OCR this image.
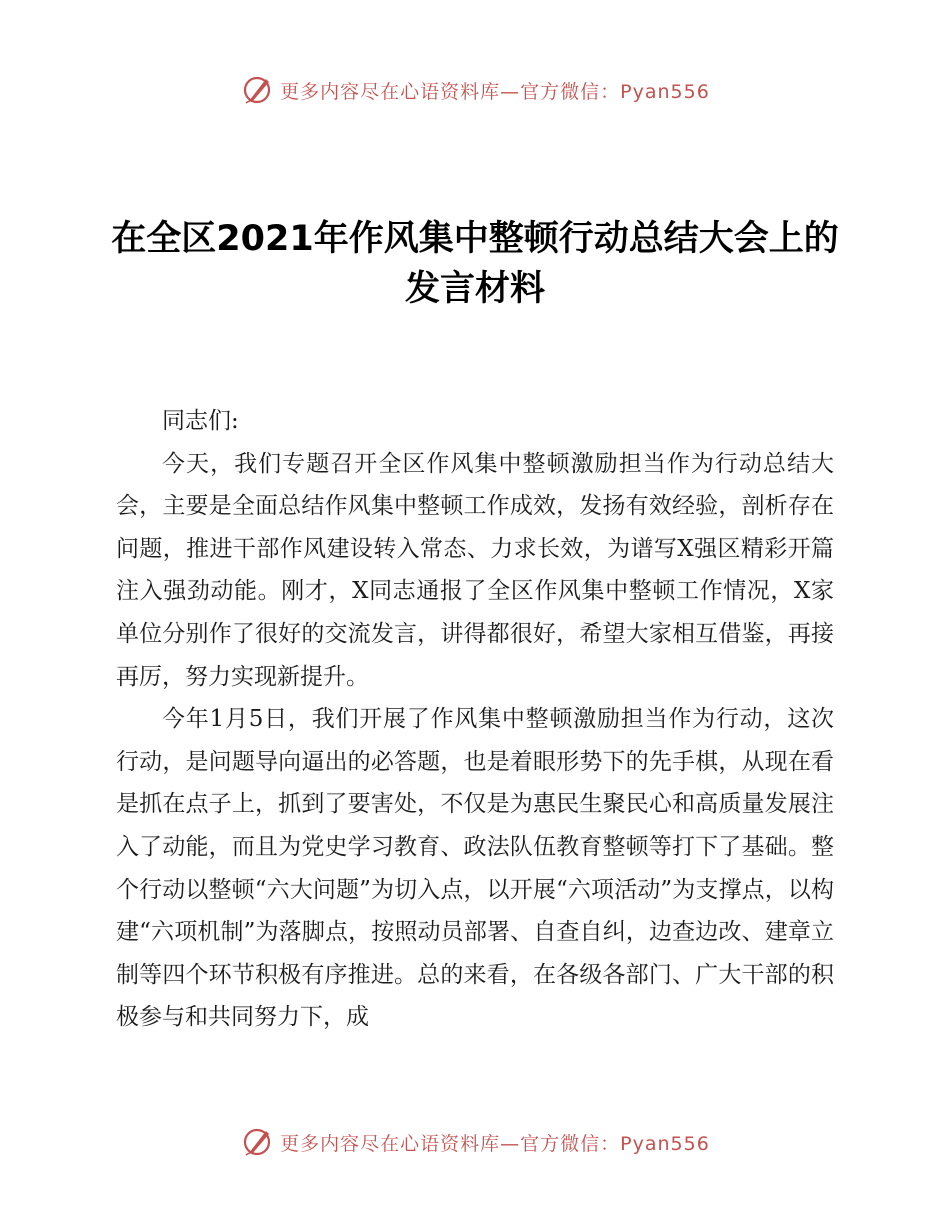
更多内容尽在心语资料库—官方微信：Pyan556
在全区2021年作风集中整顿行动总结大会上的
发言材料

同志们:

今天，我们专题召开全区作风集中整顿激励担当作为行动总结大会，主要是全面总结作风集中整顿工作成效，发扬有效经验，剖析存在问题，推进干部作风建设转入常态、力求长效，为谱写X强区精彩开篇注入强劲动能。刚才，X同志通报了全区作风集中整顿工作情况，X家单位分别作了很好的交流发言，讲得都很好，希望大家相互借鉴，再接再厉，努力实现新提升。

今年1月5日，我们开展了作风集中整顿激励担当作为行动，这次行动，是问题导向逼出的必答题，也是着眼形势下的先手棋，从现在看是抓在点子上，抓到了要害处，不仅是为惠民生聚民心和高质量发展注入了动能，而且为党史学习教育、政法队伍教育整顿等打下了基础。整个行动以整顿“六大问题”为切入点，以开展“六项活动”为支撑点，以构建“六项机制”为落脚点，按照动员部署、自查自纠，边查边改、建章立制等四个环节积极有序推进。总的来看，在各级各部门、广大干部的积极参与和共同努力下，成

更多内容尽在心语资料库—官方微信：Pyan556
